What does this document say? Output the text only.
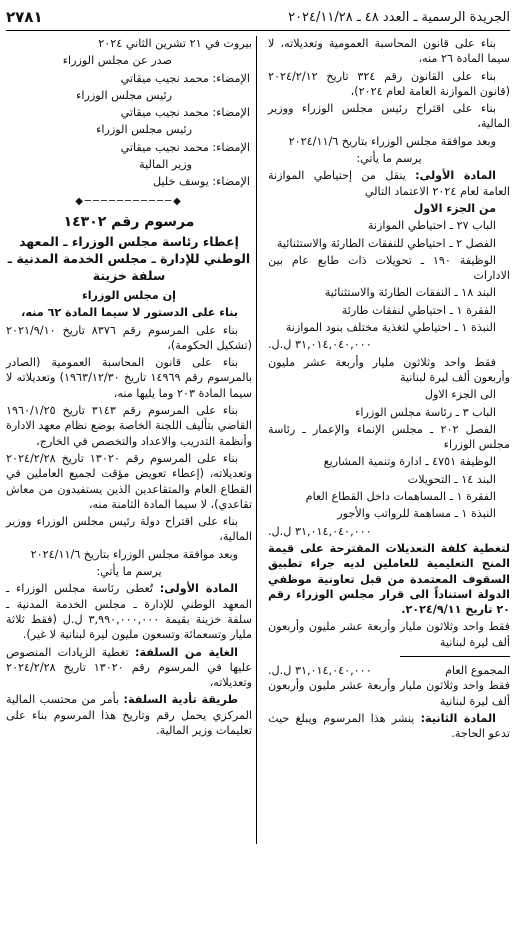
الجريدة الرسمية ـ العدد ٤٨ ـ ٢٠٢٤/١١/٢٨
٢٧٨١

بناء على قانون المحاسبة العمومية وتعديلاته، لا سيما المادة ٢٦ منه،

بناء على القانون رقم ٣٢٤ تاريخ ٢٠٢٤/٢/١٢ (قانون الموازنة العامة لعام ٢٠٢٤)،

بناء على اقتراح رئيس مجلس الوزراء ووزير المالية،

وبعد موافقة مجلس الوزراء بتاريخ ٢٠٢٤/١١/٦

يرسم ما يأتي:

المادة الأولى: ينقل من إحتياطي الموازنة العامة لعام ٢٠٢٤ الاعتماد التالي

من الجزء الاول

الباب ٢٧ ـ احتياطي الموازنة

الفصل ٢ ـ احتياطي للنفقات الطارئة والاستثنائية

الوظيفة ١٩٠ ـ تحويلات ذات طابع عام بين الادارات

البند ١٨ ـ النفقات الطارئة والاستثنائية

الفقرة ١ ـ احتياطي لنفقات طارئة

النبذة ١ ـ احتياطي لتغذية مختلف بنود الموازنة

٣١,٠١٤,٠٤٠,٠٠٠ ل.ل.

فقط واحد وثلاثون مليار وأربعة عشر مليون وأربعون ألف ليرة لبنانية

الى الجزء الاول

الباب ٣ ـ رئاسة مجلس الوزراء

الفصل ٢٠٢ ـ مجلس الإنماء والإعمار ـ رئاسة مجلس الوزراء

الوظيفة ٤٧٥١ ـ ادارة وتنمية المشاريع

البند ١٤ ـ التحويلات

الفقرة ١ ـ المساهمات داخل القطاع العام

النبذة ١ ـ مساهمة للرواتب والأجور

٣١,٠١٤,٠٤٠,٠٠٠ ل.ل.

لتغطية كلفة التعديلات المقترحة على قيمة المنح التعليمية للعاملين لديه جراء تطبيق السقوف المعتمدة من قبل تعاونية موظفي الدولة استناداً الى قرار مجلس الوزراء رقم ٢٠ تاريخ ٢٠٢٤/٩/١١.

فقط واحد وثلاثون مليار وأربعة عشر مليون وأربعون ألف ليرة لبنانية

المجموع العام
٣١,٠١٤,٠٤٠,٠٠٠ ل.ل.

فقط واحد وثلاثون مليار وأربعة عشر مليون وأربعون ألف ليرة لبنانية

المادة الثانية: ينشر هذا المرسوم ويبلغ حيث تدعو الحاجة.

بيروت في ٢١ تشرين الثاني ٢٠٢٤

صدر عن مجلس الوزراء

الإمضاء: محمد نجيب ميقاتي

رئيس مجلس الوزراء

الإمضاء: محمد نجيب ميقاتي

رئيس مجلس الوزراء

الإمضاء: محمد نجيب ميقاتي

وزير المالية

الإمضاء: يوسف خليل

◆───────────◆

مرسوم رقم ١٤٣٠٢

إعطاء رئاسة مجلس الوزراء ـ المعهد الوطني للإدارة ـ مجلس الخدمة المدنية ـ سلفة خزينة

إن مجلس الوزراء

بناء على الدستور لا سيما المادة ٦٢ منه،

بناء على المرسوم رقم ٨٣٧٦ تاريخ ٢٠٢١/٩/١٠ (تشكيل الحكومة)،

بناء على قانون المحاسبة العمومية (الصادر بالمرسوم رقم ١٤٩٦٩ تاريخ ١٩٦٣/١٢/٣٠) وتعديلاته لا سيما المادة ٢٠٣ وما يليها منه،

بناء على المرسوم رقم ٣١٤٣ تاريخ ١٩٦٠/١/٢٥ القاضي بتأليف اللجنة الخاصة بوضع نظام معهد الادارة وأنظمة التدريب والاعداد والتخصص في الخارج،

بناء على المرسوم رقم ١٣٠٢٠ تاريخ ٢٠٢٤/٢/٢٨ وتعديلاته، (إعطاء تعويض مؤقت لجميع العاملين في القطاع العام والمتقاعدين الذين يستفيدون من معاش تقاعدي)، لا سيما المادة الثامنة منه،

بناء على اقتراح دولة رئيس مجلس الوزراء ووزير المالية،

وبعد موافقة مجلس الوزراء بتاريخ ٢٠٢٤/١١/٦

يرسم ما يأتي:

المادة الأولى: تُعطى رئاسة مجلس الوزراء ـ المعهد الوطني للإدارة ـ مجلس الخدمة المدنية ـ سلفة خزينة بقيمة ٣,٩٩٠,٠٠٠,٠٠٠ ل.ل (فقط ثلاثة مليار وتسعمائة وتسعون مليون ليرة لبنانية لا غير).

الغاية من السلفة: تغطية الزيادات المنصوص عليها في المرسوم رقم ١٣٠٢٠ تاريخ ٢٠٢٤/٢/٢٨ وتعديلاته،

طريقة تأدية السلفة: بأمر من محتسب المالية المركزي يحمل رقم وتاريخ هذا المرسوم بناء على تعليمات وزير المالية.
